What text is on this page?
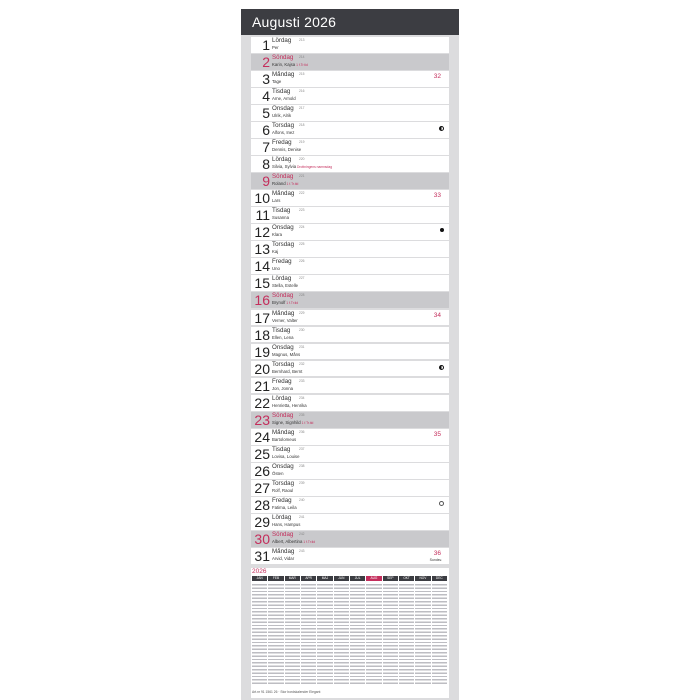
Augusti 2026
1 Lördag 213
Per
2 Söndag 214
Karin, Kajsa 1 f.Tr.tid
3 Måndag 215
Tage
32
4 Tisdag	216
Arne, Arnold
5 Onsdag 217
Ulrik, Alrik
6 Torsdag 218
Alfons, Inez
7 Fredag 219
Dennis, Denise
8 Lördag 220
Silvia, Sylvia Drottningens namnsdag
9 Söndag 221
Roland 1 f.Tr.tid
10 Måndag 222
Lars
33
11 Tisdag	223
Susanna
12 Onsdag 224
Klara
13 Torsdag 225
Kaj
14 Fredag 226
Uno
15 Lördag 227
Stella, Estelle
16 Söndag 228
Brynolf 1 f.Tr.tid
17 Måndag 229
Verner, Valter
34
18 Tisdag	230
Ellen, Lena
19 Onsdag 231
Magnus, Måns
20 Torsdag 232
Bernhard, Bernt
21 Fredag 233
Jon, Jonna
22 Lördag 234
Henrietta, Henrika
23 Söndag 235
Signe, Signhild 1 f.Tr.tid
24 Måndag 236
Bartolomeus
35
25 Tisdag	237
Lovisa, Louise
26 Onsdag 238
Östen
27 Torsdag 239
Rolf, Raoul
28 Fredag 240
Fatima, Leila
29 Lördag 241
Hans, Hampus
30 Söndag 242
Albert, Albertina 1 f.Tr.tid
31 Måndag 243
Arvid, Vidar
36
Sundsv.
2026
JAN	FEB	MAR	APR	MAJ	JUN	JUL	AUG	SEP	OKT	NOV	DEC
Art.nr 91 1561 26 · Stor bordskalender Elegant
